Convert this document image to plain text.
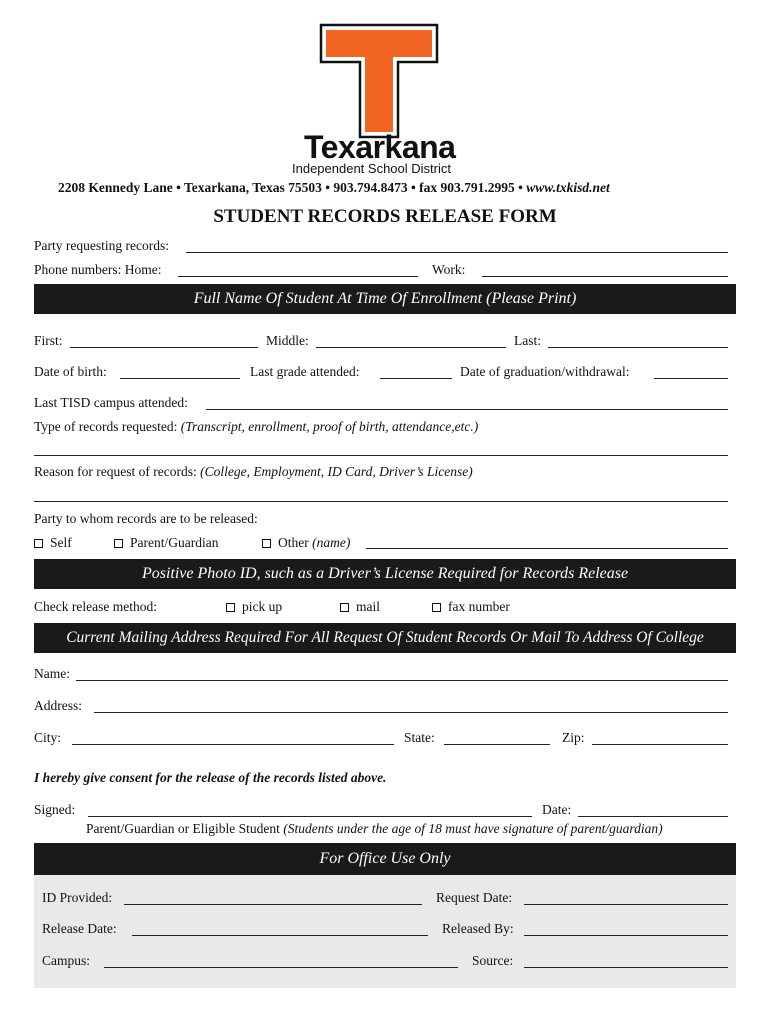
Texarkana
Independent School District
2208 Kennedy Lane • Texarkana, Texas 75503 • 903.794.8473 • fax 903.791.2995 • www.txkisd.net
STUDENT RECORDS RELEASE FORM
Party requesting records:
Phone numbers: Home:	Work:
Full Name Of Student At Time Of Enrollment (Please Print)
First:	Middle:	Last:
Date of birth:	Last grade attended:	Date of graduation/withdrawal:
Last TISD campus attended:
Type of records requested: (Transcript, enrollment, proof of birth, attendance,etc.)
Reason for request of records: (College, Employment, ID Card, Driver’s License)
Party to whom records are to be released:
Self	Parent/Guardian	Other
(name)
Positive Photo ID, such as a Driver’s License Required for Records Release
Check release method:	pick up	mail	fax number
Current Mailing Address Required For All Request Of Student Records Or Mail To Address Of College
Name:
Address:
City:	State:	Zip:
I hereby give consent for the release of the records listed above.
Signed:	Date:
Parent/Guardian or Eligible Student (Students under the age of 18 must have signature of parent/guardian)
For Office Use Only
ID Provided:	Request Date:
Release Date:	Released By:
Campus:	Source:
